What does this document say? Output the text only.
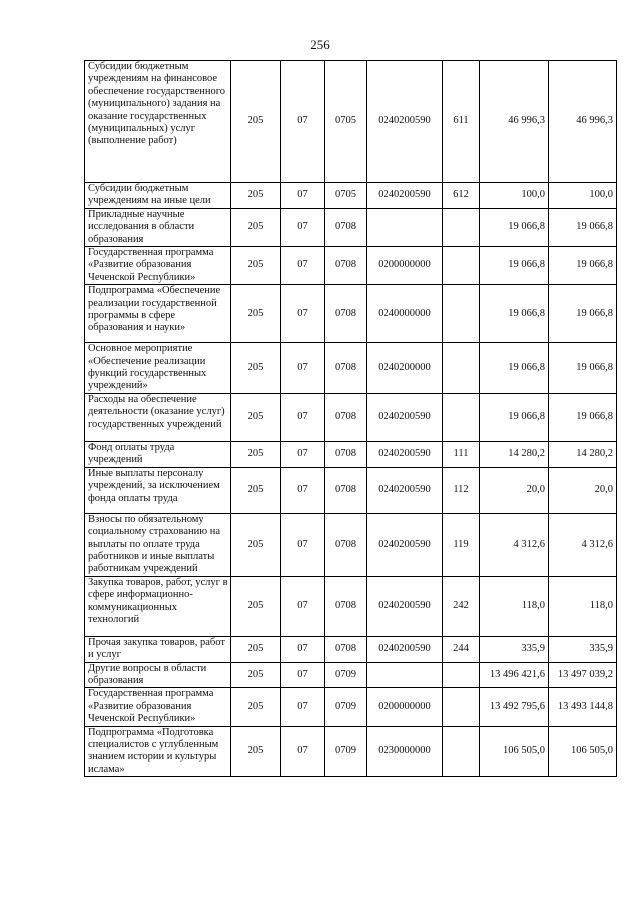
256
Субсидии бюджетным учреждениям на финансовое обеспечение государственного (муниципального) задания на оказание государственных (муниципальных) услуг (выполнение работ)	205	07	0705	0240200590	611	46 996,3	46 996,3
Субсидии бюджетным учреждениям на иные цели	205	07	0705	0240200590	612	100,0	100,0
Прикладные научные исследования в области образования	205	07	0708			19 066,8	19 066,8
Государственная программа «Развитие образования Чеченской Республики»	205	07	0708	0200000000		19 066,8	19 066,8
Подпрограмма «Обеспечение реализации государственной программы в сфере образования и науки»	205	07	0708	0240000000		19 066,8	19 066,8
Основное мероприятие «Обеспечение реализации функций государственных учреждений»	205	07	0708	0240200000		19 066,8	19 066,8
Расходы на обеспечение деятельности (оказание услуг) государственных учреждений	205	07	0708	0240200590		19 066,8	19 066,8
Фонд оплаты труда учреждений	205	07	0708	0240200590	111	14 280,2	14 280,2
Иные выплаты персоналу учреждений, за исключением фонда оплаты труда	205	07	0708	0240200590	112	20,0	20,0
Взносы по обязательному социальному страхованию на выплаты по оплате труда работников и иные выплаты работникам учреждений	205	07	0708	0240200590	119	4 312,6	4 312,6
Закупка товаров, работ, услуг в сфере информационно-коммуникационных технологий	205	07	0708	0240200590	242	118,0	118,0
Прочая закупка товаров, работ и услуг	205	07	0708	0240200590	244	335,9	335,9
Другие вопросы в области образования	205	07	0709			13 496 421,6	13 497 039,2
Государственная программа «Развитие образования Чеченской Республики»	205	07	0709	0200000000		13 492 795,6	13 493 144,8
Подпрограмма «Подготовка специалистов с углубленным знанием истории и культуры ислама»	205	07	0709	0230000000		106 505,0	106 505,0
